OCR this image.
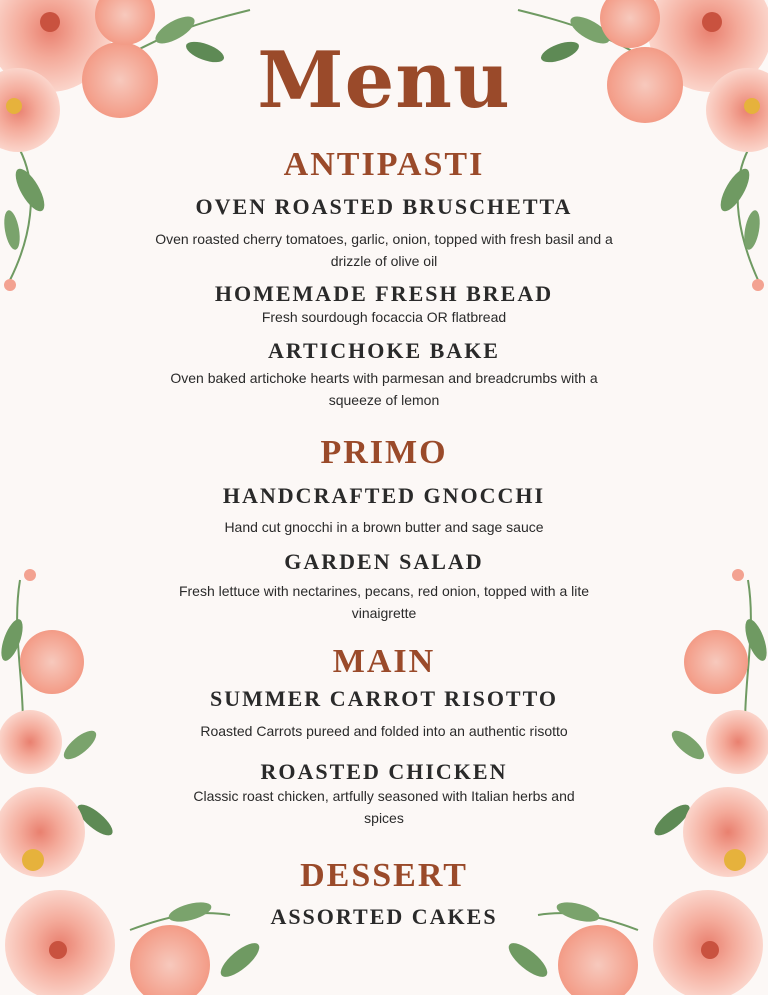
Menu
ANTIPASTI
OVEN ROASTED BRUSCHETTA

Oven roasted cherry tomatoes, garlic, onion, topped with fresh basil and a drizzle of olive oil

HOMEMADE FRESH BREAD

Fresh sourdough focaccia OR flatbread

ARTICHOKE BAKE

Oven baked artichoke hearts with parmesan and breadcrumbs with a squeeze of lemon

PRIMO
HANDCRAFTED GNOCCHI

Hand cut gnocchi in a brown butter and sage sauce

GARDEN SALAD

Fresh lettuce with nectarines, pecans, red onion, topped with a lite vinaigrette

MAIN
SUMMER CARROT RISOTTO

Roasted Carrots pureed and folded into an authentic risotto

ROASTED CHICKEN

Classic roast chicken, artfully seasoned with Italian herbs and spices

DESSERT
ASSORTED CAKES
